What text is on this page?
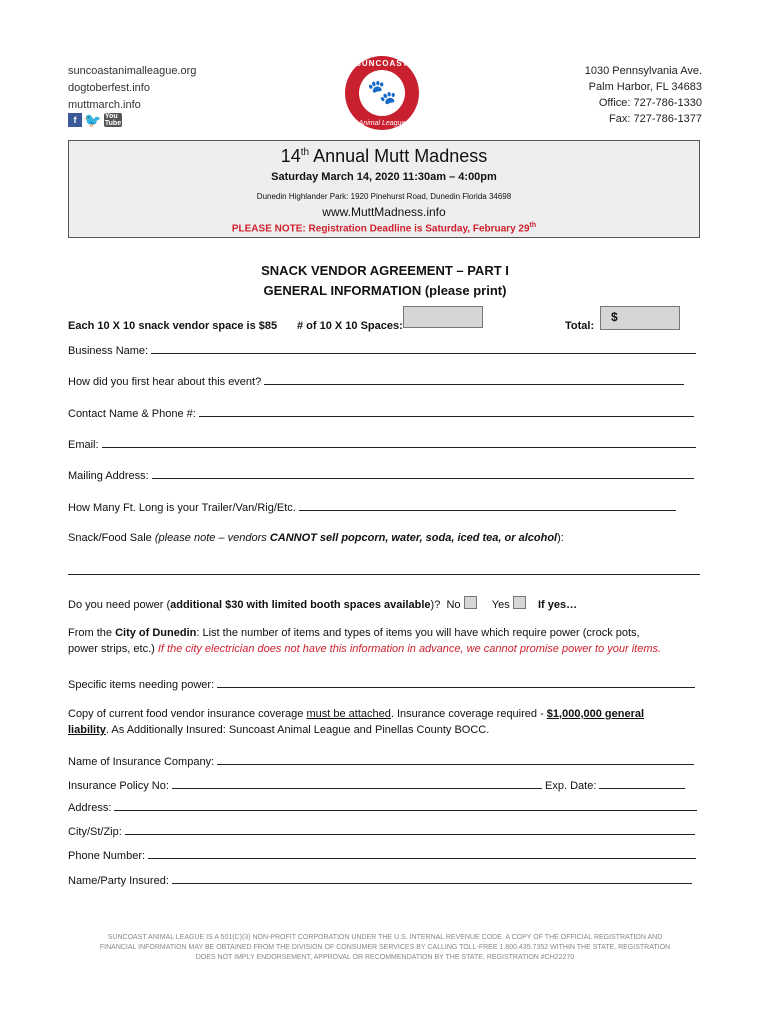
suncoastanimalleague.org
dogtoberfest.info
muttmarch.info
f 🐦 You
Tube
SUNCOAST
🐾
Animal League
1030 Pennsylvania Ave.
Palm Harbor, FL 34683
Office: 727-786-1330
Fax: 727-786-1377
14th Annual Mutt Madness
Saturday March 14, 2020 11:30am – 4:00pm
Dunedin Highlander Park: 1920 Pinehurst Road, Dunedin Florida 34698
www.MuttMadness.info
PLEASE NOTE: Registration Deadline is Saturday, February 29th
SNACK VENDOR AGREEMENT – PART I
GENERAL INFORMATION (please print)
Each 10 X 10 snack vendor space is $85 # of 10 X 10 Spaces:	Total:
$
Business Name:
How did you first hear about this event?
Contact Name & Phone #:
Email:
Mailing Address:
How Many Ft. Long is your Trailer/Van/Rig/Etc.
Snack/Food Sale (please note – vendors CANNOT sell popcorn, water, soda, iced tea, or alcohol):
Do you need power (additional $30 with limited booth spaces available)? No	Yes	If yes…
From the City of Dunedin: List the number of items and types of items you will have which require power (crock pots,
power strips, etc.) If the city electrician does not have this information in advance, we cannot promise power to your items.
Specific items needing power:
Copy of current food vendor insurance coverage must be attached. Insurance coverage required - $1,000,000 general
liability. As Additionally Insured: Suncoast Animal League and Pinellas County BOCC.
Name of Insurance Company:
Insurance Policy No:	Exp. Date:
Address:
City/St/Zip:
Phone Number:
Name/Party Insured:
SUNCOAST ANIMAL LEAGUE IS A 501(C)(3) NON-PROFIT CORPORATION UNDER THE U.S. INTERNAL REVENUE CODE. A COPY OF THE OFFICIAL REGISTRATION AND
FINANCIAL INFORMATION MAY BE OBTAINED FROM THE DIVISION OF CONSUMER SERVICES BY CALLING TOLL-FREE 1.800.435.7352 WITHIN THE STATE. REGISTRATION
DOES NOT IMPLY ENDORSEMENT, APPROVAL OR RECOMMENDATION BY THE STATE. REGISTRATION #CH22270
